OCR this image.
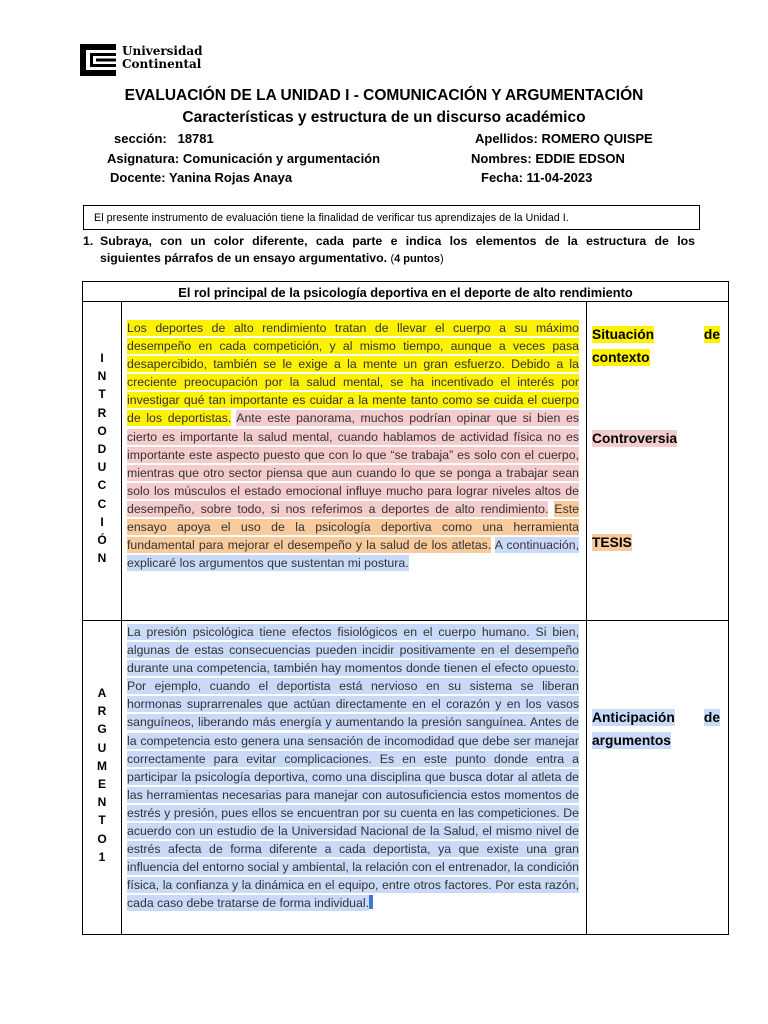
Universidad
Continental
EVALUACIÓN DE LA UNIDAD I - COMUNICACIÓN Y ARGUMENTACIÓN
Características y estructura de un discurso académico
sección: 18781
Asignatura: Comunicación y argumentación
Docente: Yanina Rojas Anaya
Apellidos: ROMERO QUISPE
Nombres: EDDIE EDSON
Fecha: 11-04-2023
El presente instrumento de evaluación tiene la finalidad de verificar tus aprendizajes de la Unidad I.
1. Subraya, con un color diferente, cada parte e indica los elementos de la estructura de los
siguientes párrafos de un ensayo argumentativo. (4 puntos)
El rol principal de la psicología deportiva en el deporte de alto rendimiento
I
N
T
R
O
D
U
C
C
I
Ó
N
Los deportes de alto rendimiento tratan de llevar el cuerpo a su máximo desempeño en cada competición, y al mismo tiempo, aunque a veces pasa desapercibido, también se le exige a la mente un gran esfuerzo. Debido a la creciente preocupación por la salud mental, se ha incentivado el interés por investigar qué tan importante es cuidar a la mente tanto como se cuida el cuerpo de los deportistas. Ante este panorama, muchos podrían opinar que si bien es cierto es importante la salud mental, cuando hablamos de actividad física no es importante este aspecto puesto que con lo que “se trabaja” es solo con el cuerpo, mientras que otro sector piensa que aun cuando lo que se ponga a trabajar sean solo los músculos el estado emocional influye mucho para lograr niveles altos de desempeño, sobre todo, si nos referimos a deportes de alto rendimiento. Este ensayo apoya el uso de la psicología deportiva como una herramienta fundamental para mejorar el desempeño y la salud de los atletas. A continuación, explicaré los argumentos que sustentan mi postura.
Situación	de
contexto
Controversia
TESIS
A
R
G
U
M
E
N
T
O
1
La presión psicológica tiene efectos fisiológicos en el cuerpo humano. Si bien, algunas de estas consecuencias pueden incidir positivamente en el desempeño durante una competencia, también hay momentos donde tienen el efecto opuesto. Por ejemplo, cuando el deportista está nervioso en su sistema se liberan hormonas suprarrenales que actúan directamente en el corazón y en los vasos sanguíneos, liberando más energía y aumentando la presión sanguínea. Antes de la competencia esto genera una sensación de incomodidad que debe ser manejar correctamente para evitar complicaciones. Es en este punto donde entra a participar la psicología deportiva, como una disciplina que busca dotar al atleta de las herramientas necesarias para manejar con autosuficiencia estos momentos de estrés y presión, pues ellos se encuentran por su cuenta en las competiciones. De acuerdo con un estudio de la Universidad Nacional de la Salud, el mismo nivel de estrés afecta de forma diferente a cada deportista, ya que existe una gran influencia del entorno social y ambiental, la relación con el entrenador, la condición física, la confianza y la dinámica en el equipo, entre otros factores. Por esta razón, cada caso debe tratarse de forma individual.
Anticipación de
argumentos
